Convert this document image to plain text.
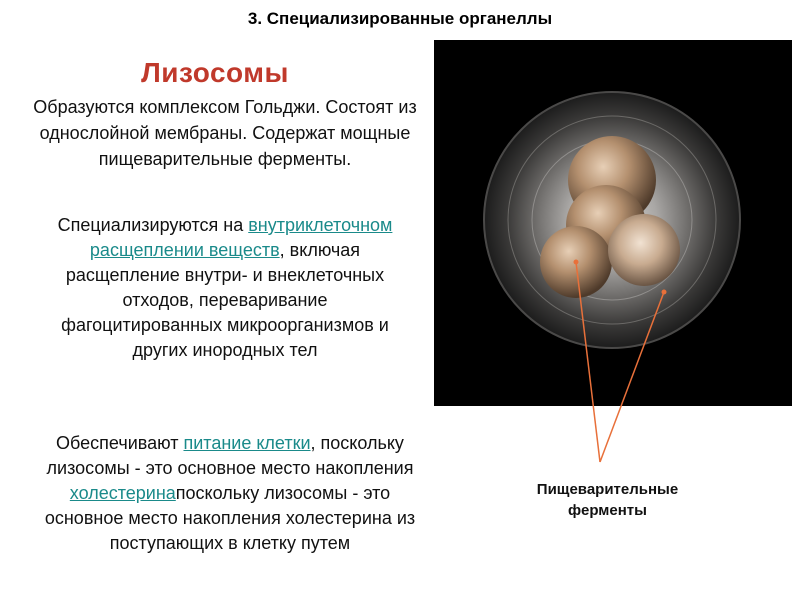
3. Специализированные органеллы
Лизосомы

Образуются комплексом Гольджи. Состоят из однослойной мембраны. Содержат мощные пищеварительные ферменты.

Специализируются на внутриклеточном расщеплении веществ, включая расщепление внутри- и внеклеточных отходов, переваривание фагоцитированных микроорганизмов и других инородных тел

Обеспечивают питание клетки, поскольку лизосомы - это основное место накопления холестеринапоскольку лизосомы - это основное место накопления холестерина из поступающих в клетку путем

Пищеварительные ферменты
